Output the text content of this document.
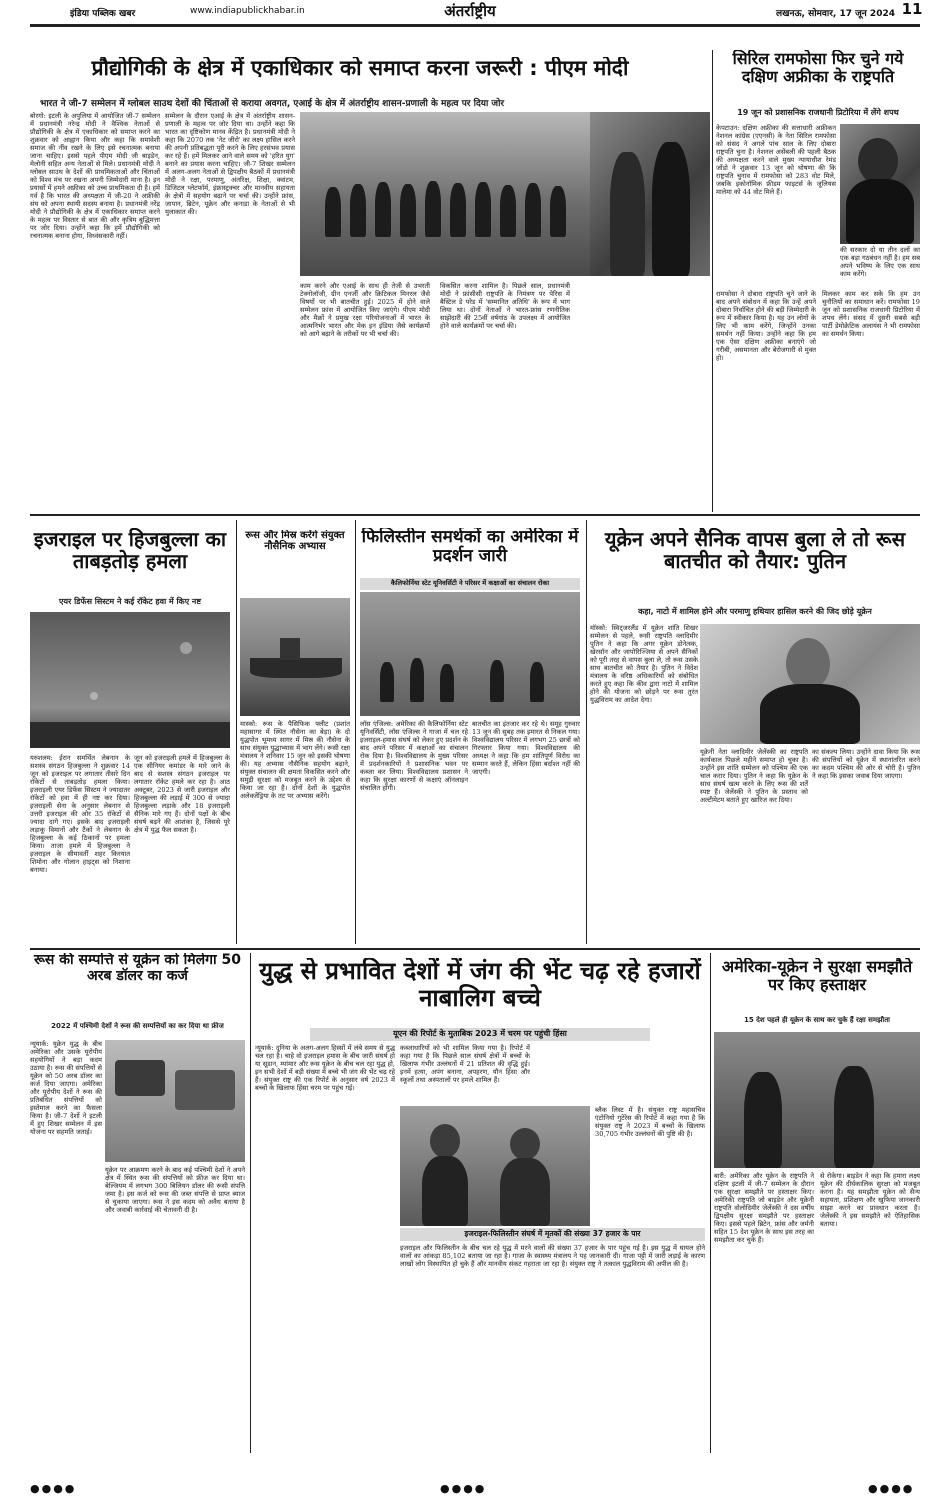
इंडिया पब्लिक खबर	www.indiapublickhabar.in	अंतर्राष्ट्रीय	लखनऊ, सोमवार, 17 जून 2024 11
प्रौद्योगिकी के क्षेत्र में एकाधिकार को समाप्त करना जरूरी : पीएम मोदी
भारत ने जी-7 सम्मेलन में ग्लोबल साउथ देशों की चिंताओं से कराया अवगत, एआई के क्षेत्र में अंतर्राष्ट्रीय शासन-प्रणाली के महत्व पर दिया जोर
बोरगो: इटली के अपुलिया में आयोजित जी-7 सम्मेलन में प्रधानमंत्री नरेन्द्र मोदी ने वैश्विक नेताओं से प्रौद्योगिकी के क्षेत्र में एकाधिकार को समाप्त करने का शुक्रवार को आह्वान किया और कहा कि समावेशी समाज की नींव रखने के लिए इसे रचनात्मक बनाया जाना चाहिए। इससे पहले पीएम मोदी जी बाइडेन, मेलोनी सहित अन्य नेताओं से मिले। प्रधानमंत्री मोदी ने ग्लोबल साउथ के देशों की प्राथमिकताओं और चिंताओं को विश्व मंच पर रखना अपनी जिम्मेदारी माना है। इन प्रयासों में हमने अफ्रीका को उच्च प्राथमिकता दी है। हमें गर्व है कि भारत की अध्यक्षता में जी-20 ने अफ्रीकी संघ को अपना स्थायी सदस्य बनाया है। प्रधानमंत्री नरेंद्र मोदी ने प्रौद्योगिकी के क्षेत्र में एकाधिकार समाप्त करने के महत्व पर विस्तार से बात की और कृत्रिम बुद्धिमत्ता पर जोर दिया। उन्होंने कहा कि हमें प्रौद्योगिकी को रचनात्मक बनाना होगा, विध्वंसकारी नहीं।
सम्मेलन के दौरान एआई के क्षेत्र में अंतर्राष्ट्रीय शासन-प्रणाली के महत्व पर जोर दिया था। उन्होंने कहा कि भारत का दृष्टिकोण मानव केंद्रित है। प्रधानमंत्री मोदी ने कहा कि 2070 तक 'नेट जीरो' का लक्ष्य हासिल करने की अपनी प्रतिबद्धता पूरी करने के लिए हरसंभव प्रयास कर रहे हैं। हमें मिलकर आने वाले समय को 'हरित युग' बनाने का प्रयास करना चाहिए। जी-7 शिखर सम्मेलन में अलग-अलग नेताओं से द्विपक्षीय बैठकों में प्रधानमंत्री मोदी ने रक्षा, परमाणु, अंतरिक्ष, शिक्षा, क्वांटम, डिजिटल प्लेटफॉर्म, इंफ्रास्ट्रक्चर और मानवीय सहायता के क्षेत्रों में सहयोग बढ़ाने पर चर्चा की। उन्होंने फ्रांस, जापान, ब्रिटेन, यूक्रेन और कनाडा के नेताओं से भी मुलाकात की।
काम करने और एआई के साथ ही तेजी से उभरती टेक्नोलॉजी, ग्रीन एनर्जी और क्रिटिकल मिनरल जैसे विषयों पर भी बातचीत हुई। 2025 में होने वाले सम्मेलन फ्रांस में आयोजित किए जाएंगे। पीएम मोदी और मैक्रों ने प्रमुख रक्षा परियोजनाओं में भारत के आत्मनिर्भर भारत और मेक इन इंडिया जैसे कार्यक्रमों को आगे बढ़ाने के तरीकों पर भी चर्चा की।
विकसित करना शामिल है। पिछले साल, प्रधानमंत्री मोदी ने फ्रांसीसी राष्ट्रपति के निमंत्रण पर पेरिस में बैस्टिल डे परेड में 'सम्मानित अतिथि' के रूप में भाग लिया था। दोनों नेताओं ने भारत-फ्रांस रणनीतिक साझेदारी की 25वीं वर्षगांठ के उपलक्ष्य में आयोजित होने वाले कार्यक्रमों पर चर्चा की।
सिरिल रामफोसा फिर चुने गये दक्षिण अफ्रीका के राष्ट्रपति
19 जून को प्रशासनिक राजधानी प्रिटोरिया में लेंगे शपथ
केपटाउन: दक्षिण अफ्रीका की सत्ताधारी अफ्रीकन नेशनल कांग्रेस (एएनसी) के नेता सिरिल रामफोसा को संसद ने अगले पांच साल के लिए दोबारा राष्ट्रपति चुना है। नेशनल असेंबली की पहली बैठक की अध्यक्षता करने वाले मुख्य न्यायाधीश रेमंड जोंडो ने शुक्रवार 13 जून को घोषणा की कि राष्ट्रपति चुनाव में रामफोसा को 283 वोट मिले, जबकि इकोनॉमिक फ्रीडम फाइटर्स के जूलियस मालेमा को 44 वोट मिले हैं।
की सरकार दो या तीन दलों का एक बड़ा गठबंधन नहीं है। हम सब अपने भविष्य के लिए एक साथ काम करेंगे।
रामफोसा ने दोबारा राष्ट्रपति चुने जाने के बाद अपने संबोधन में कहा कि उन्हें अपने दोबारा निर्वाचित होने की बड़ी जिम्मेदारी के रूप में स्वीकार किया है। यह उन लोगों के लिए भी काम करेंगे, जिन्होंने उनका समर्थन नहीं किया। उन्होंने कहा कि हम एक ऐसा दक्षिण अफ्रीका बनाएंगे जो गरीबी, असमानता और बेरोजगारी से मुक्त हो।
मिलकर काम कर सके कि हम उन चुनौतियों का समाधान करें। रामफोसा 19 जून को प्रशासनिक राजधानी प्रिटोरिया में शपथ लेंगे। संसद में दूसरी सबसे बड़ी पार्टी डेमोक्रेटिक अलायंस ने भी रामफोसा का समर्थन किया।
इजराइल पर हिजबुल्ला का ताबड़तोड़ हमला
एयर डिफेंस सिस्टम ने कई रॉकेट हवा में किए नष्ट
यरुशलम: ईरान समर्थित लेबनान के सशस्त्र संगठन हिजबुल्ला ने शुक्रवार 14 जून को इजराइल पर लगातार तीसरे दिन रॉकेटों से ताबड़तोड़ हमला किया। इजराइली एयर डिफेंस सिस्टम ने ज्यादातर रॉकेटों को हवा में ही नष्ट कर दिया। इजराइली सेना के अनुसार लेबनान से उत्तरी इजराइल की ओर 35 रॉकेटों से ज्यादा दागे गए। इसके बाद इजराइली लड़ाकू विमानों और टैंकों ने लेबनान के हिजबुल्ला के कई ठिकानों पर हमला किया। ताजा हमले में हिजबुल्ला ने इजराइल के सीमावर्ती शहर किरयात शिमोना और गोलान हाइट्स को निशाना बनाया।
जून को इजराइली हमले में हिजबुल्ला के एक सीनियर कमांडर के मारे जाने के बाद से सशस्त्र संगठन इजराइल पर लगातार रॉकेट हमले कर रहा है। आठ अक्टूबर, 2023 से जारी इजराइल और हिजबुल्ला की लड़ाई में 300 से ज्यादा हिजबुल्ला लड़ाके और 18 इजराइली सैनिक मारे गए हैं। दोनों पक्षों के बीच संघर्ष बढ़ने की आशंका है, जिससे पूरे क्षेत्र में युद्ध फैल सकता है।
रूस और मिस्र करेंगे संयुक्त नौसैनिक अभ्यास
मास्को: रूस के पैसिफिक फ्लीट (प्रशांत महासागर में स्थित नौसेना का बेड़ा) के दो युद्धपोत भूमध्य सागर में मिस्र की नौसेना के साथ संयुक्त युद्धाभ्यास में भाग लेंगे। रूसी रक्षा मंत्रालय ने शनिवार 15 जून को इसकी घोषणा की। यह अभ्यास नौसैनिक सहयोग बढ़ाने, संयुक्त संचालन की क्षमता विकसित करने और समुद्री सुरक्षा को मजबूत करने के उद्देश्य से किया जा रहा है। दोनों देशों के युद्धपोत अलेक्जेंड्रिया के तट पर अभ्यास करेंगे।
फिलिस्तीन समर्थकों का अमेरिका में प्रदर्शन जारी
कैलिफोर्निया स्टेट यूनिवर्सिटी ने परिसर में कक्षाओं का संचालन रोका
लॉस एंजिल्स: अमेरिका की कैलिफोर्निया स्टेट यूनिवर्सिटी, लॉस एंजिल्स ने गाजा में चल रहे इजराइल-हमास संघर्ष को लेकर हुए प्रदर्शन के बाद अपने परिसर में कक्षाओं का संचालन रोक दिया है। विश्वविद्यालय के मुख्य परिसर में प्रदर्शनकारियों ने प्रशासनिक भवन पर कब्जा कर लिया। विश्वविद्यालय प्रशासन ने कहा कि सुरक्षा कारणों से कक्षाएं ऑनलाइन संचालित होंगी।
बातचीत का इंतजार कर रहे थे। समूह गुरुवार 13 जून की सुबह तक इमारत से निकल गया। विश्वविद्यालय परिसर में लगभग 25 छात्रों को गिरफ्तार किया गया। विश्वविद्यालय की अध्यक्ष ने कहा कि हम शांतिपूर्ण विरोध का सम्मान करते हैं, लेकिन हिंसा बर्दाश्त नहीं की जाएगी।
यूक्रेन अपने सैनिक वापस बुला ले तो रूस बातचीत को तैयार: पुतिन
कहा, नाटो में शामिल होने और परमाणु हथियार हासिल करने की जिद छोड़े यूक्रेन
मॉस्को: स्विट्जरलैंड में यूक्रेन शांति शिखर सम्मेलन से पहले, रूसी राष्ट्रपति व्लादिमीर पुतिन ने कहा कि अगर यूक्रेन डोनेत्स्क, खेरसॉन और जापोरिज्जिया से अपने सैनिकों को पूरी तरह से वापस बुला ले, तो रूस उसके साथ बातचीत को तैयार है। पुतिन ने विदेश मंत्रालय के वरिष्ठ अधिकारियों को संबोधित करते हुए कहा कि कीव द्वारा नाटो में शामिल होने की योजना को छोड़ने पर रूस तुरंत युद्धविराम का आदेश देगा।
यूक्रेनी नेता व्लादिमीर जेलेंस्की का राष्ट्रपति कार्यकाल पिछले महीने समाप्त हो चुका है। उन्होंने इस शांति सम्मेलन को पश्चिम की एक चाल करार दिया। पुतिन ने कहा कि यूक्रेन के साथ संघर्ष खत्म करने के लिए रूस की शर्तें स्पष्ट हैं। जेलेंस्की ने पुतिन के प्रस्ताव को अल्टीमेटम बताते हुए खारिज कर दिया।
का संकल्प लिया। उन्होंने दावा किया कि रूस की संपत्तियों को यूक्रेन में स्थानांतरित करने का कदम पश्चिम की ओर से चोरी है। पुतिन ने कहा कि इसका जवाब दिया जाएगा।
रूस की सम्पत्ति से यूक्रेन को मिलेगा 50 अरब डॉलर का कर्ज
2022 में पश्चिमी देशों ने रूस की सम्पत्तियों का कर दिया था फ्रीज
न्यूयार्क: यूक्रेन युद्ध के बीच अमेरिका और उसके यूरोपीय सहयोगियों ने बड़ा कदम उठाया है। रूस की संपत्तियों से यूक्रेन को 50 अरब डॉलर का कर्ज दिया जाएगा। अमेरिका और यूरोपीय देशों ने रूस की प्रतिबंधित संपत्तियों को इस्तेमाल करने का फैसला किया है। जी-7 देशों ने इटली में हुए शिखर सम्मेलन में इस योजना पर सहमति जताई।
यूक्रेन पर आक्रमण करने के बाद कई पश्चिमी देशों ने अपने क्षेत्र में स्थित रूस की संपत्तियों को फ्रीज कर दिया था। बेल्जियम में लगभग 300 बिलियन डॉलर की रूसी संपत्ति जमा है। इस कर्ज को रूस की जब्त संपत्ति से प्राप्त ब्याज से चुकाया जाएगा। रूस ने इस कदम को अवैध बताया है और जवाबी कार्रवाई की चेतावनी दी है।
युद्ध से प्रभावित देशों में जंग की भेंट चढ़ रहे हजारों नाबालिग बच्चे
यूएन की रिपोर्ट के मुताबिक 2023 में चरम पर पहुंची हिंसा
न्यूयार्क: दुनिया के अलग-अलग हिस्सों में लंबे समय से युद्ध चल रहा है। चाहे वो इजराइल हमास के बीच जारी संघर्ष हो या सूडान, म्यांमार और रूस यूक्रेन के बीच चल रहा युद्ध हो, इन सभी देशों में बड़ी संख्या में बच्चे भी जंग की भेंट चढ़ रहे हैं। संयुक्त राष्ट्र की एक रिपोर्ट के अनुसार वर्ष 2023 में बच्चों के खिलाफ हिंसा चरम पर पहुंच गई।
कब्जाधारियों को भी शामिल किया गया है। रिपोर्ट में कहा गया है कि पिछले साल संघर्ष क्षेत्रों में बच्चों के खिलाफ गंभीर उल्लंघनों में 21 प्रतिशत की वृद्धि हुई। इनमें हत्या, अपंग बनाना, अपहरण, यौन हिंसा और स्कूलों तथा अस्पतालों पर हमले शामिल हैं।
ब्लैक लिस्ट में है। संयुक्त राष्ट्र महासचिव एंटोनियो गुटेरेस की रिपोर्ट में कहा गया है कि संयुक्त राष्ट्र ने 2023 में बच्चों के खिलाफ 30,705 गंभीर उल्लंघनों की पुष्टि की है।
इजराइल-फिलिस्तीन संघर्ष में मृतकों की संख्या 37 हजार के पार
इजराइल और फिलिस्तीन के बीच चल रहे युद्ध में मरने वालों की संख्या 37 हजार के पार पहुंच गई है। इस युद्ध में घायल होने वालों का आंकड़ा 85,102 बताया जा रहा है। गाजा के स्वास्थ्य मंत्रालय ने यह जानकारी दी। गाजा पट्टी में जारी लड़ाई के कारण लाखों लोग विस्थापित हो चुके हैं और मानवीय संकट गहराता जा रहा है। संयुक्त राष्ट्र ने तत्काल युद्धविराम की अपील की है।
अमेरिका-यूक्रेन ने सुरक्षा समझौते पर किए हस्ताक्षर
15 देश पहले ही यूक्रेन के साथ कर चुके हैं रक्षा समझौता
बारी: अमेरिका और यूक्रेन के राष्ट्रपति ने दक्षिण इटली में जी-7 सम्मेलन के दौरान एक सुरक्षा समझौते पर हस्ताक्षर किए। अमेरिकी राष्ट्रपति जो बाइडेन और यूक्रेनी राष्ट्रपति वोलोदिमीर जेलेंस्की ने दस वर्षीय द्विपक्षीय सुरक्षा समझौते पर हस्ताक्षर किए। इससे पहले ब्रिटेन, फ्रांस और जर्मनी सहित 15 देश यूक्रेन के साथ इस तरह का समझौता कर चुके हैं।
से रोकेगा। बाइडेन ने कहा कि हमारा लक्ष्य यूक्रेन की दीर्घकालिक सुरक्षा को मजबूत करना है। यह समझौता यूक्रेन को सैन्य सहायता, प्रशिक्षण और खुफिया जानकारी साझा करने का प्रावधान करता है। जेलेंस्की ने इस समझौते को ऐतिहासिक बताया।
●●●●	●●●●	●●●●
